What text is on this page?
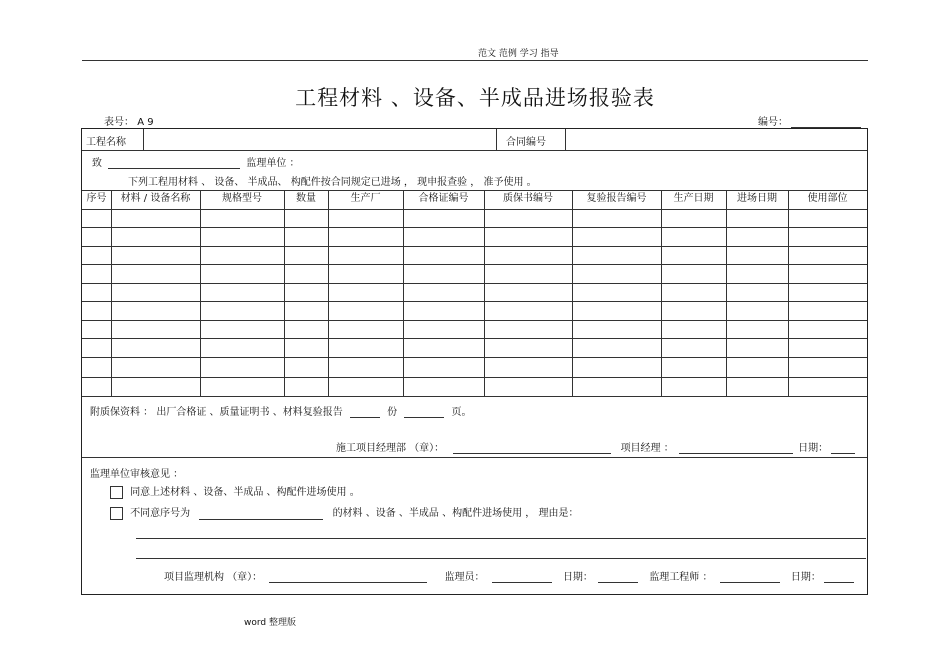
范文 范例 学习 指导
工程材料 、设备、半成品进场报验表
表号： A 9	编号：
工程名称	合同编号
致	监理单位 ：
下列工程用材料 、 设备、 半成品、 构配件按合同规定已进场 ， 现申报查验 ， 准予使用 。
序号	材料 / 设备名称	规格型号	数量	生产厂	合格证编号	质保书编号	复验报告编号	生产日期	进场日期	使用部位
附质保资料 ： 出厂合格证 、质量证明书 、材料复验报告	份	页。
施工项目经理部 （章）：	项目经理 ：	日期：
监理单位审核意见 ：
同意上述材料 、设备、半成品 、构配件进场使用 。
不同意序号为	的材料 、设备 、半成品 、构配件进场使用 ， 理由是：
项目监理机构 （章）：	监理员：	日期：	监理工程师 ：	日期：
word 整理版
